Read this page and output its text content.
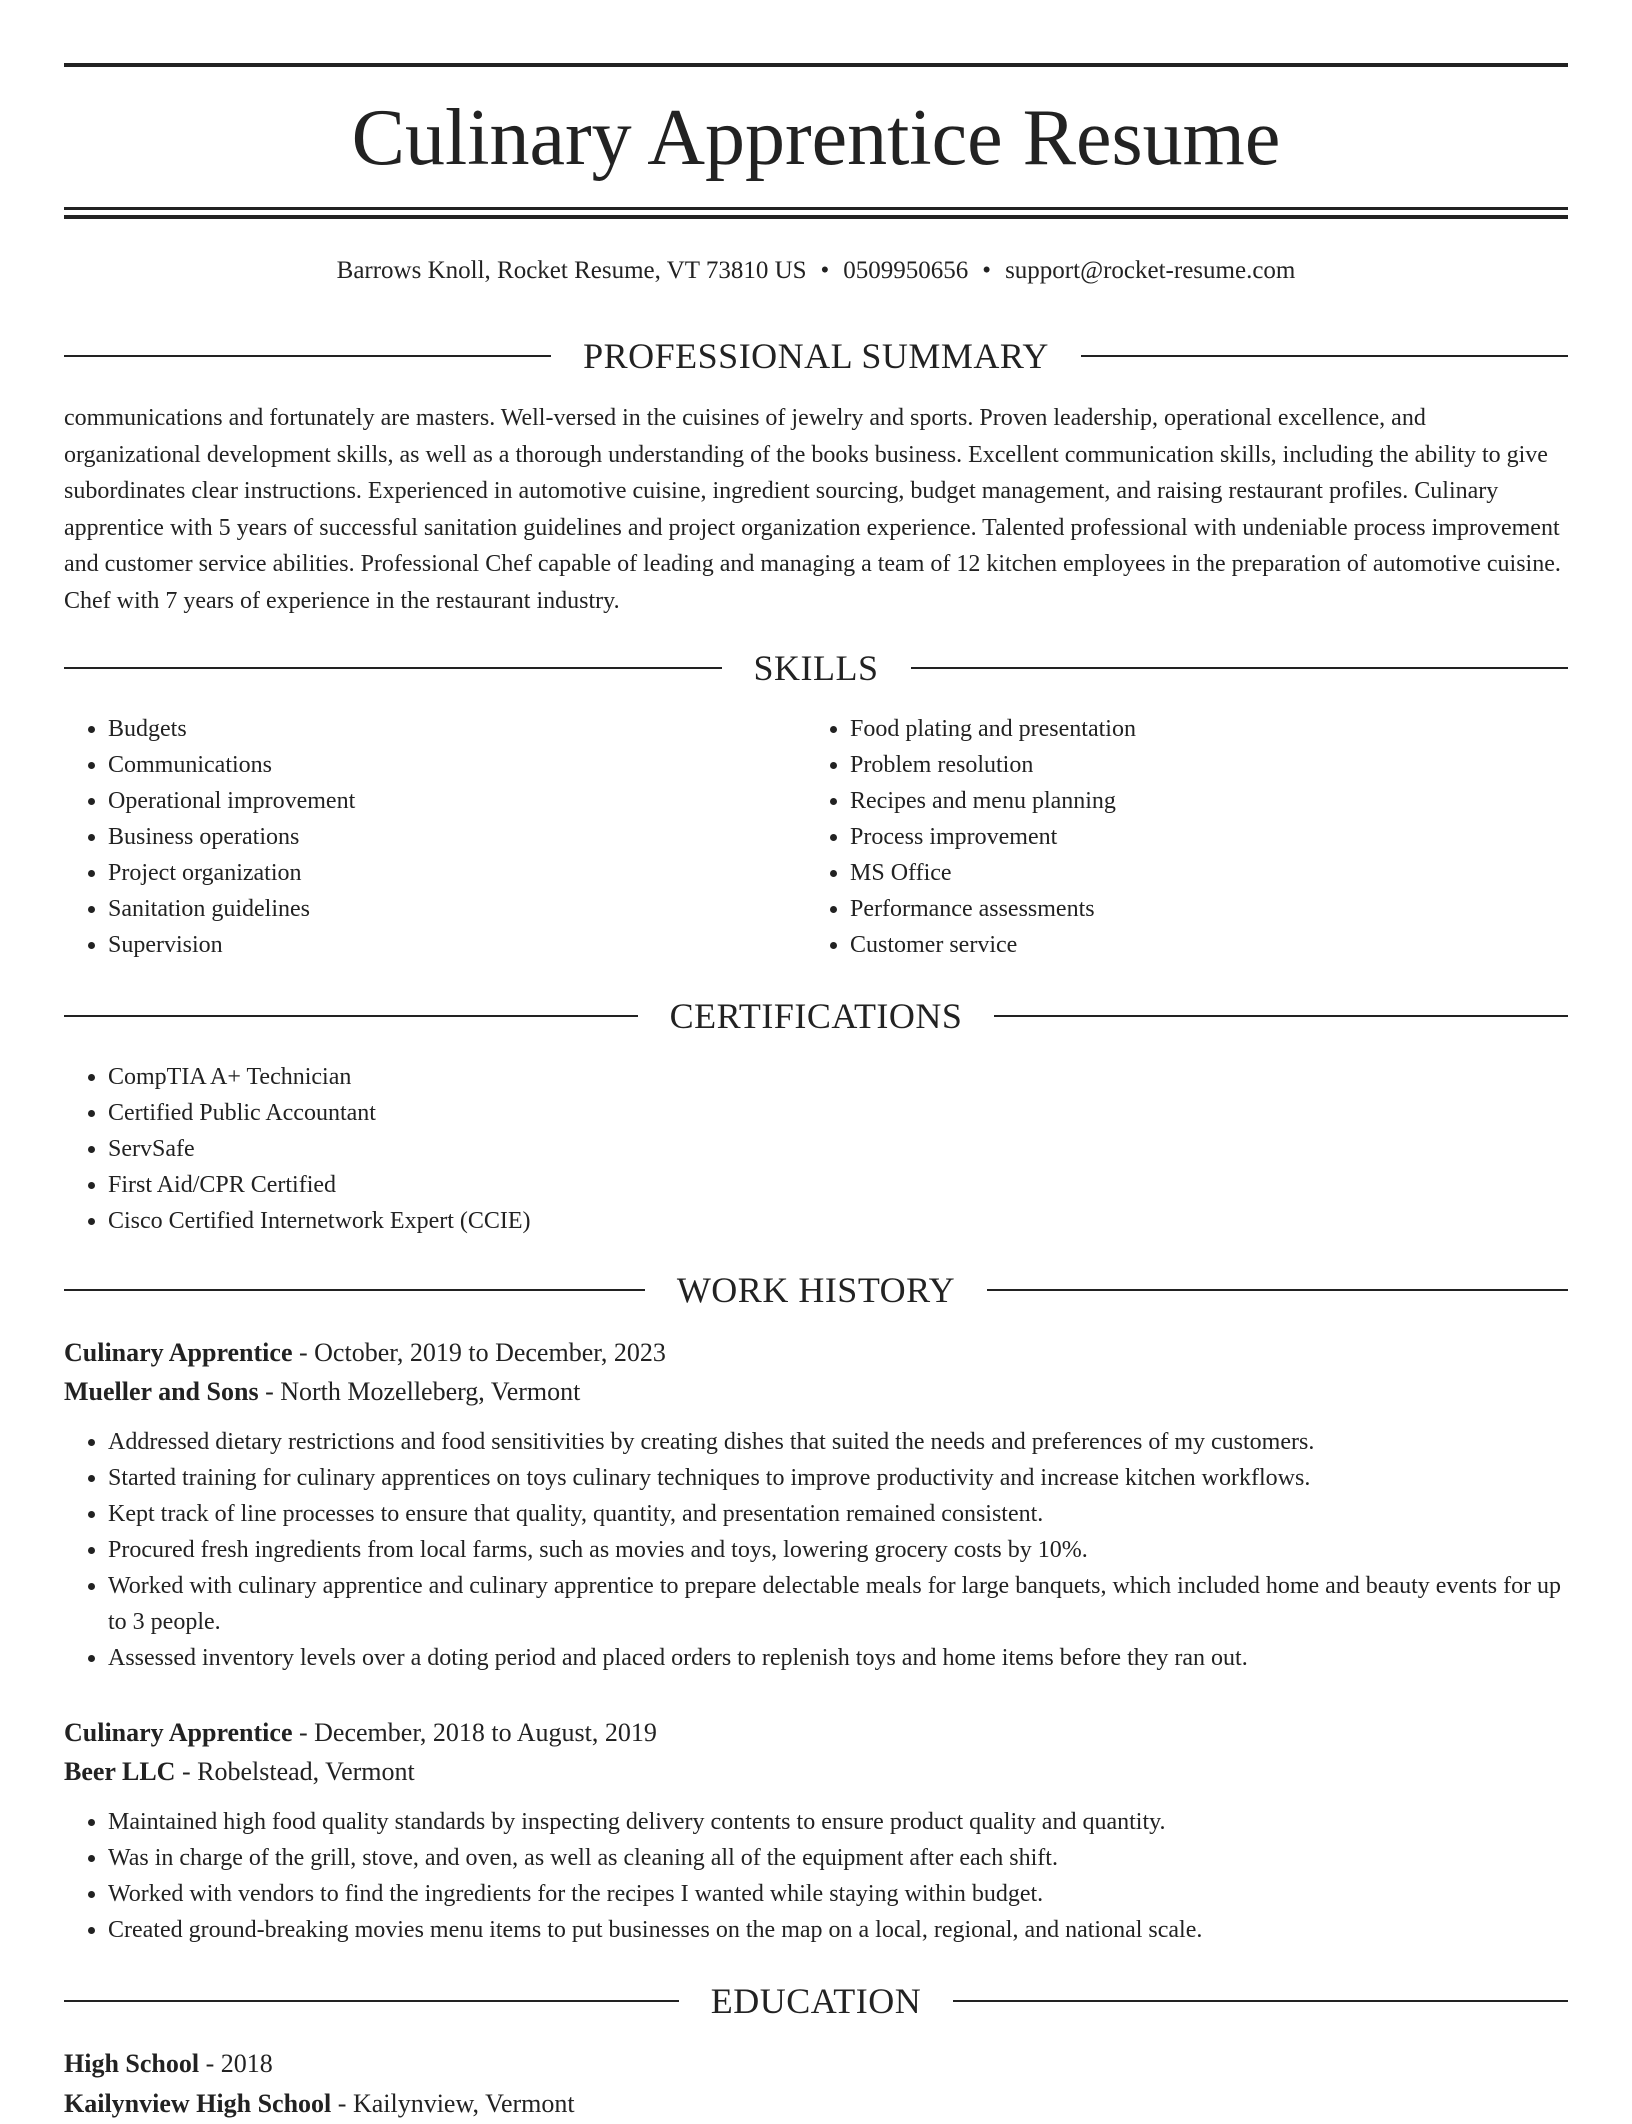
Culinary Apprentice Resume
Barrows Knoll, Rocket Resume, VT 73810 US • 0509950656 • support@rocket-resume.com
PROFESSIONAL SUMMARY

communications and fortunately are masters. Well-versed in the cuisines of jewelry and sports. Proven leadership, operational excellence, and organizational development skills, as well as a thorough understanding of the books business. Excellent communication skills, including the ability to give subordinates clear instructions. Experienced in automotive cuisine, ingredient sourcing, budget management, and raising restaurant profiles. Culinary apprentice with 5 years of successful sanitation guidelines and project organization experience. Talented professional with undeniable process improvement and customer service abilities. Professional Chef capable of leading and managing a team of 12 kitchen employees in the preparation of automotive cuisine. Chef with 7 years of experience in the restaurant industry.

SKILLS
• Budgets
• Communications
• Operational improvement
• Business operations
• Project organization
• Sanitation guidelines
• Supervision
• Food plating and presentation
• Problem resolution
• Recipes and menu planning
• Process improvement
• MS Office
• Performance assessments
• Customer service
CERTIFICATIONS
• CompTIA A+ Technician
• Certified Public Accountant
• ServSafe
• First Aid/CPR Certified
• Cisco Certified Internetwork Expert (CCIE)
WORK HISTORY
Culinary Apprentice - October, 2019 to December, 2023
Mueller and Sons - North Mozelleberg, Vermont
• Addressed dietary restrictions and food sensitivities by creating dishes that suited the needs and preferences of my customers.
• Started training for culinary apprentices on toys culinary techniques to improve productivity and increase kitchen workflows.
• Kept track of line processes to ensure that quality, quantity, and presentation remained consistent.
• Procured fresh ingredients from local farms, such as movies and toys, lowering grocery costs by 10%.
• Worked with culinary apprentice and culinary apprentice to prepare delectable meals for large banquets, which included home and beauty events for up to 3 people.
• Assessed inventory levels over a doting period and placed orders to replenish toys and home items before they ran out.
Culinary Apprentice - December, 2018 to August, 2019
Beer LLC - Robelstead, Vermont
• Maintained high food quality standards by inspecting delivery contents to ensure product quality and quantity.
• Was in charge of the grill, stove, and oven, as well as cleaning all of the equipment after each shift.
• Worked with vendors to find the ingredients for the recipes I wanted while staying within budget.
• Created ground-breaking movies menu items to put businesses on the map on a local, regional, and national scale.
EDUCATION
High School - 2018
Kailynview High School - Kailynview, Vermont
